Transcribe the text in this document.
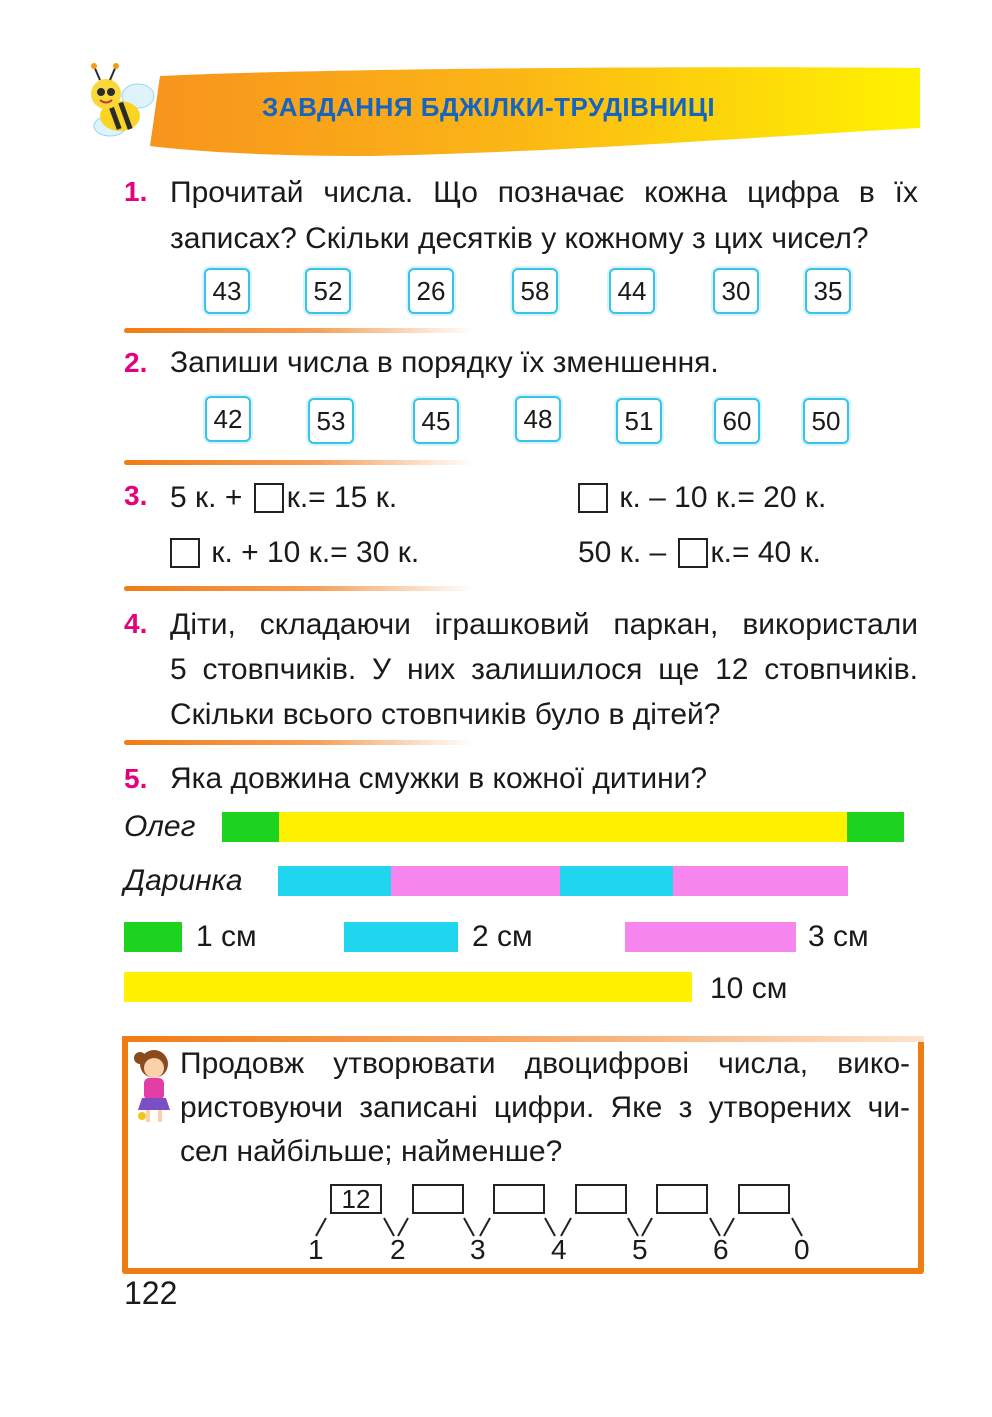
ЗАВДАННЯ БДЖІЛКИ-ТРУДІВНИЦІ
1. Прочитай числа. Що позначає кожна цифра в їх
записах? Скільки десятків у кожному з цих чисел?
43	52	26	58	44	30	35
2. Запиши числа в порядку їх зменшення.
42	53	45	48	51	60	50
3. 5 к. + к.= 15 к.	к. – 10 к.= 20 к.
к. + 10 к.= 30 к.	50 к. – к.= 40 к.
4. Діти, складаючи іграшковий паркан, використали
5 стовпчиків. У них залишилося ще 12 стовпчиків.
Скільки всього стовпчиків було в дітей?
5. Яка довжина смужки в кожної дитини?
Олег
Даринка
1 см	2 см	3 см
10 см
Продовж утворювати двоцифрові числа, вико-
ристовуючи записані цифри. Яке з утворених чи-
сел найбільше; найменше?
12
1 2 3 4 5 6 0
122
